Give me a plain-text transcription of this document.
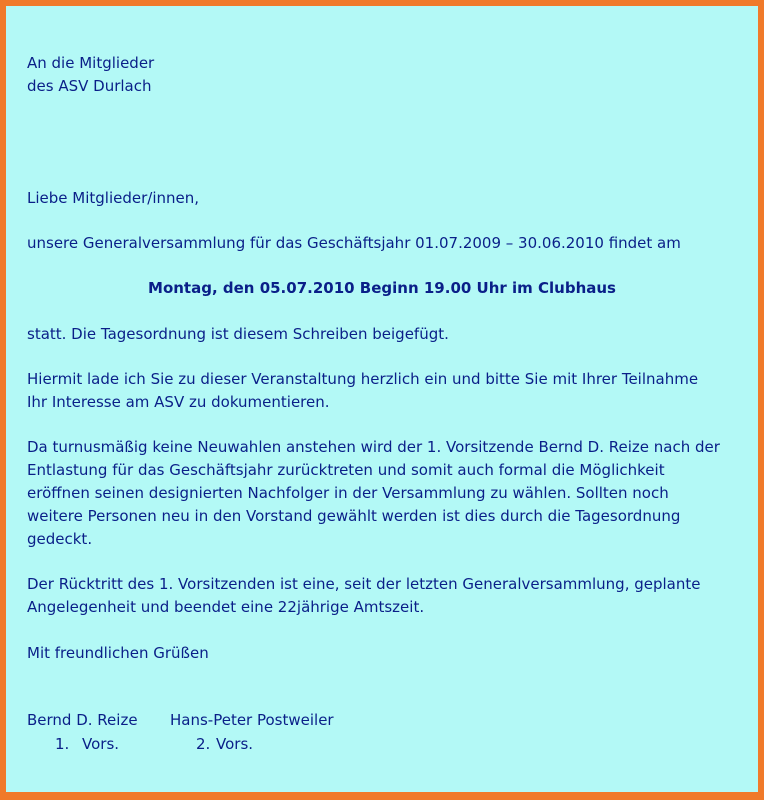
An die Mitglieder

des ASV Durlach

Liebe Mitglieder/innen,

unsere Generalversammlung für das Geschäftsjahr 01.07.2009 – 30.06.2010 findet am

Montag, den 05.07.2010 Beginn 19.00 Uhr im Clubhaus

statt. Die Tagesordnung ist diesem Schreiben beigefügt.

Hiermit lade ich Sie zu dieser Veranstaltung herzlich ein und bitte Sie mit Ihrer Teilnahme

Ihr Interesse am ASV zu dokumentieren.

Da turnusmäßig keine Neuwahlen anstehen wird der 1. Vorsitzende Bernd D. Reize nach der

Entlastung für das Geschäftsjahr zurücktreten und somit auch formal die Möglichkeit

eröffnen seinen designierten Nachfolger in der Versammlung zu wählen. Sollten noch

weitere Personen neu in den Vorstand gewählt werden ist dies durch die Tagesordnung

gedeckt.

Der Rücktritt des 1. Vorsitzenden ist eine, seit der letzten Generalversammlung, geplante

Angelegenheit und beendet eine 22jährige Amtszeit.

Mit freundlichen Grüßen

Bernd D. Reize Hans-Peter Postweiler
1. Vors.	2. Vors.
